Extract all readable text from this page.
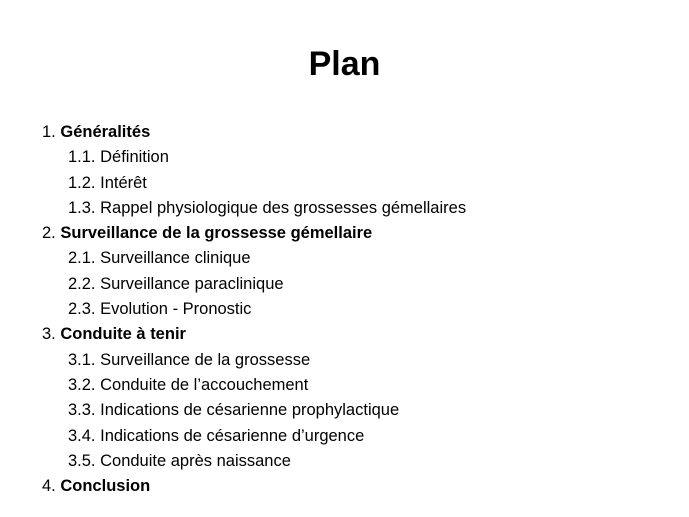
Plan
1. Généralités
1.1. Définition
1.2. Intérêt
1.3. Rappel physiologique des grossesses gémellaires
2. Surveillance de la grossesse gémellaire
2.1. Surveillance clinique
2.2. Surveillance paraclinique
2.3. Evolution - Pronostic
3. Conduite à tenir
3.1. Surveillance de la grossesse
3.2. Conduite de l’accouchement
3.3. Indications de césarienne prophylactique
3.4. Indications de césarienne d’urgence
3.5. Conduite après naissance
4. Conclusion
